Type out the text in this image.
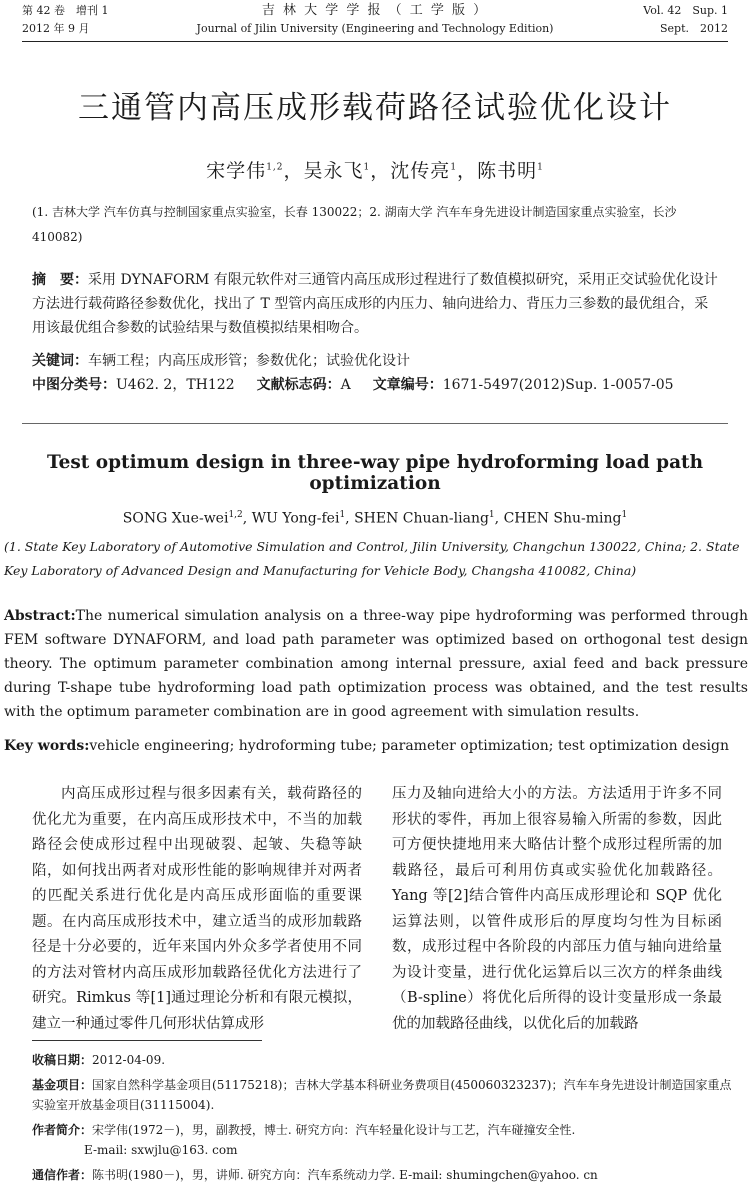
第 42 卷　增刊 1
2012 年 9 月
吉 林 大 学 学 报 （ 工 学 版 ）
Journal of Jilin University (Engineering and Technology Edition)
Vol. 42　Sup. 1
Sept.　2012
三通管内高压成形载荷路径试验优化设计
宋学伟$^{1,2}$，吴永飞$^1$，沈传亮$^1$，陈书明$^1$
(1. 吉林大学 汽车仿真与控制国家重点实验室，长春 130022；2. 湖南大学 汽车车身先进设计制造国家重点实验室，长沙 410082)
摘　要：采用 DYNAFORM 有限元软件对三通管内高压成形过程进行了数值模拟研究，采用正交试验优化设计方法进行载荷路径参数优化，找出了 T 型管内高压成形的内压力、轴向进给力、背压力三参数的最优组合，采用该最优组合参数的试验结果与数值模拟结果相吻合。
关键词：车辆工程；内高压成形管；参数优化；试验优化设计
中图分类号：U462. 2，TH122 文献标志码：A 文章编号：1671-5497(2012)Sup. 1-0057-05
Test optimum design in three-way pipe hydroforming load path optimization
SONG Xue-wei$^{1,2}$, WU Yong-fei$^1$, SHEN Chuan-liang$^1$, CHEN Shu-ming$^1$
(1. State Key Laboratory of Automotive Simulation and Control, Jilin University, Changchun 130022, China; 2. State Key Laboratory of Advanced Design and Manufacturing for Vehicle Body, Changsha 410082, China)
Abstract:The numerical simulation analysis on a three-way pipe hydroforming was performed through FEM software DYNAFORM, and load path parameter was optimized based on orthogonal test design theory. The optimum parameter combination among internal pressure, axial feed and back pressure during T-shape tube hydroforming load path optimization process was obtained, and the test results with the optimum parameter combination are in good agreement with simulation results.
Key words:vehicle engineering; hydroforming tube; parameter optimization; test optimization design
内高压成形过程与很多因素有关，载荷路径的优化尤为重要，在内高压成形技术中，不当的加载路径会使成形过程中出现破裂、起皱、失稳等缺陷，如何找出两者对成形性能的影响规律并对两者的匹配关系进行优化是内高压成形面临的重要课题。在内高压成形技术中，建立适当的成形加载路径是十分必要的，近年来国内外众多学者使用不同的方法对管材内高压成形加载路径优化方法进行了研究。Rimkus 等[1]通过理论分析和有限元模拟，建立一种通过零件几何形状估算成形
压力及轴向进给大小的方法。方法适用于许多不同形状的零件，再加上很容易输入所需的参数，因此可方便快捷地用来大略估计整个成形过程所需的加载路径，最后可利用仿真或实验优化加载路径。Yang 等[2]结合管件内高压成形理论和 SQP 优化运算法则，以管件成形后的厚度均匀性为目标函数，成形过程中各阶段的内部压力值与轴向进给量为设计变量，进行优化运算后以三次方的样条曲线（B-spline）将优化后所得的设计变量形成一条最优的加载路径曲线，以优化后的加载路
收稿日期：2012-04-09.
基金项目：国家自然科学基金项目(51175218)；吉林大学基本科研业务费项目(450060323237)；汽车车身先进设计制造国家重点实验室开放基金项目(31115004).
作者简介：宋学伟(1972－)，男，副教授，博士. 研究方向：汽车轻量化设计与工艺，汽车碰撞安全性.
E-mail: sxwjlu@163. com
通信作者：陈书明(1980－)，男，讲师. 研究方向：汽车系统动力学. E-mail: shumingchen@yahoo. cn
